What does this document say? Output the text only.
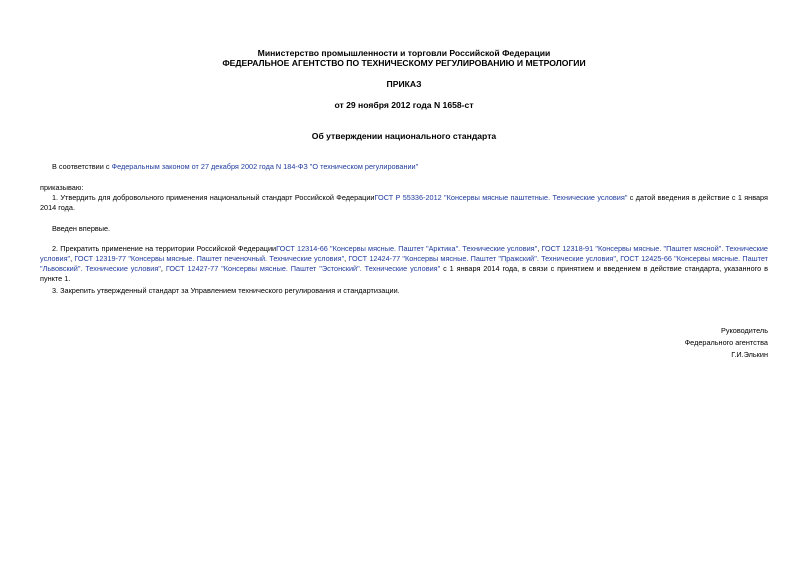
Министерство промышленности и торговли Российской Федерации
ФЕДЕРАЛЬНОЕ АГЕНТСТВО ПО ТЕХНИЧЕСКОМУ РЕГУЛИРОВАНИЮ И МЕТРОЛОГИИ
ПРИКАЗ
от 29 ноября 2012 года N 1658-ст
Об утверждении национального стандарта
В соответствии с Федеральным законом от 27 декабря 2002 года N 184-ФЗ "О техническом регулировании"
приказываю:
1. Утвердить для добровольного применения национальный стандарт Российской ФедерацииГОСТ Р 55336-2012 "Консервы мясные паштетные. Технические условия" с датой введения в действие с 1 января 2014 года.
Введен впервые.
2. Прекратить применение на территории Российской ФедерацииГОСТ 12314-66 "Консервы мясные. Паштет "Арктика". Технические условия", ГОСТ 12318-91 "Консервы мясные. "Паштет мясной". Технические условия", ГОСТ 12319-77 "Консервы мясные. Паштет печеночный. Технические условия", ГОСТ 12424-77 "Консервы мясные. Паштет "Пражский". Технические условия", ГОСТ 12425-66 "Консервы мясные. Паштет "Львовский". Технические условия", ГОСТ 12427-77 "Консервы мясные. Паштет "Эстонский". Технические условия" с 1 января 2014 года, в связи с принятием и введением в действие стандарта, указанного в пункте 1.
3. Закрепить утвержденный стандарт за Управлением технического регулирования и стандартизации.
Руководитель
Федерального агентства
Г.И.Элькин
